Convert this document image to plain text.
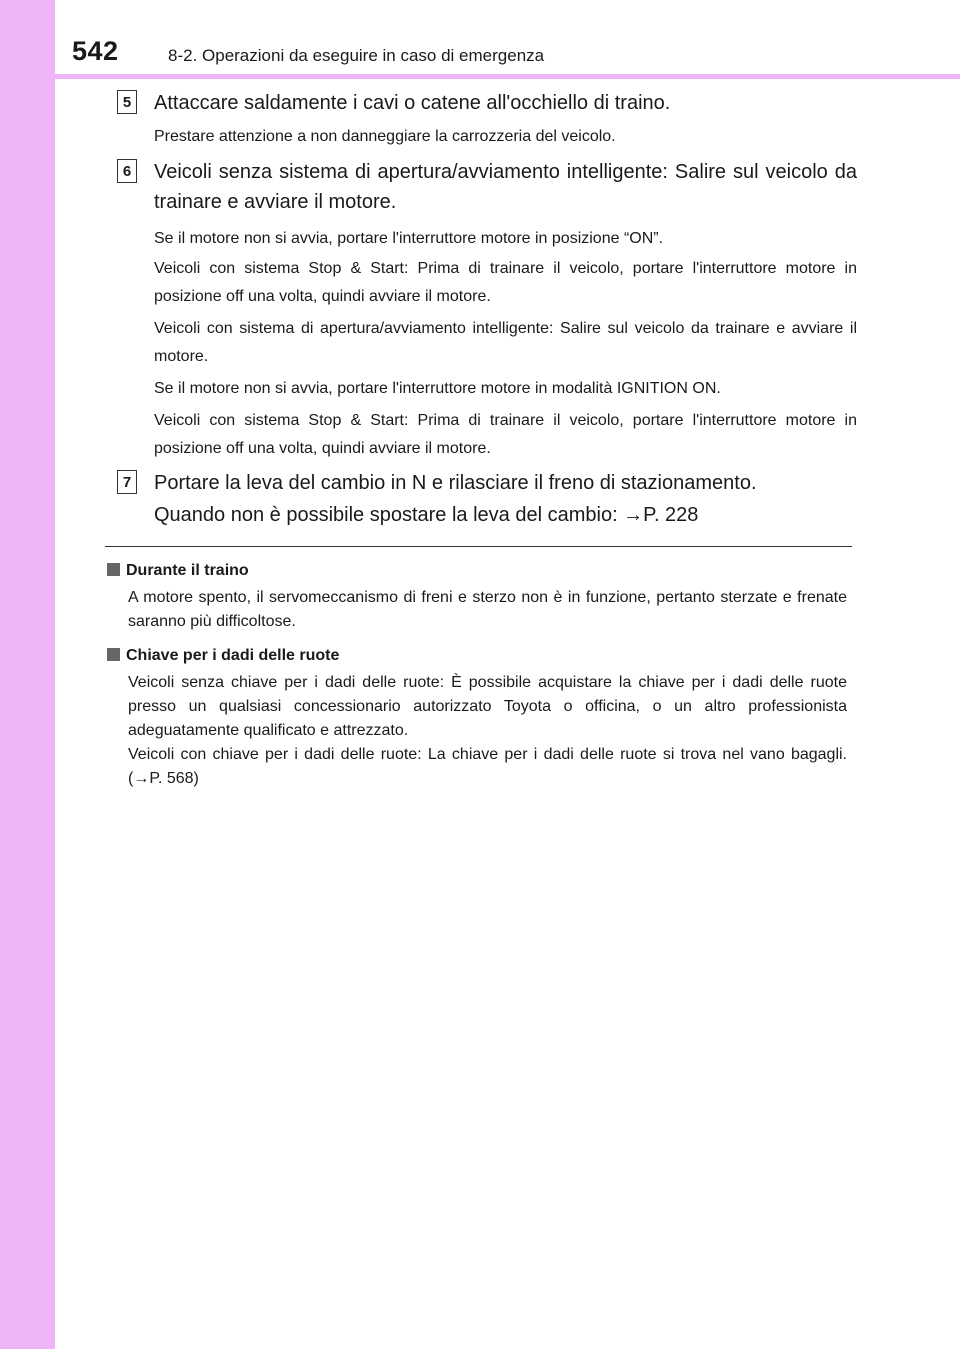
542	8-2. Operazioni da eseguire in caso di emergenza
5 Attaccare saldamente i cavi o catene all'occhiello di traino.
Prestare attenzione a non danneggiare la carrozzeria del veicolo.
6 Veicoli senza sistema di apertura/avviamento intelligente: Salire sul veicolo da trainare e avviare il motore.
Se il motore non si avvia, portare l'interruttore motore in posizione “ON”.
Veicoli con sistema Stop & Start: Prima di trainare il veicolo, portare l'interruttore motore in posizione off una volta, quindi avviare il motore.
Veicoli con sistema di apertura/avviamento intelligente: Salire sul veicolo da trainare e avviare il motore.
Se il motore non si avvia, portare l'interruttore motore in modalità IGNITION ON.
Veicoli con sistema Stop & Start: Prima di trainare il veicolo, portare l'interruttore motore in posizione off una volta, quindi avviare il motore.
7 Portare la leva del cambio in N e rilasciare il freno di stazionamento.
Quando non è possibile spostare la leva del cambio: →P. 228
Durante il traino
A motore spento, il servomeccanismo di freni e sterzo non è in funzione, pertanto sterzate e frenate saranno più difficoltose.
Chiave per i dadi delle ruote
Veicoli senza chiave per i dadi delle ruote: È possibile acquistare la chiave per i dadi delle ruote presso un qualsiasi concessionario autorizzato Toyota o officina, o un altro professionista adeguatamente qualificato e attrezzato.
Veicoli con chiave per i dadi delle ruote: La chiave per i dadi delle ruote si trova nel vano bagagli. (→P. 568)
